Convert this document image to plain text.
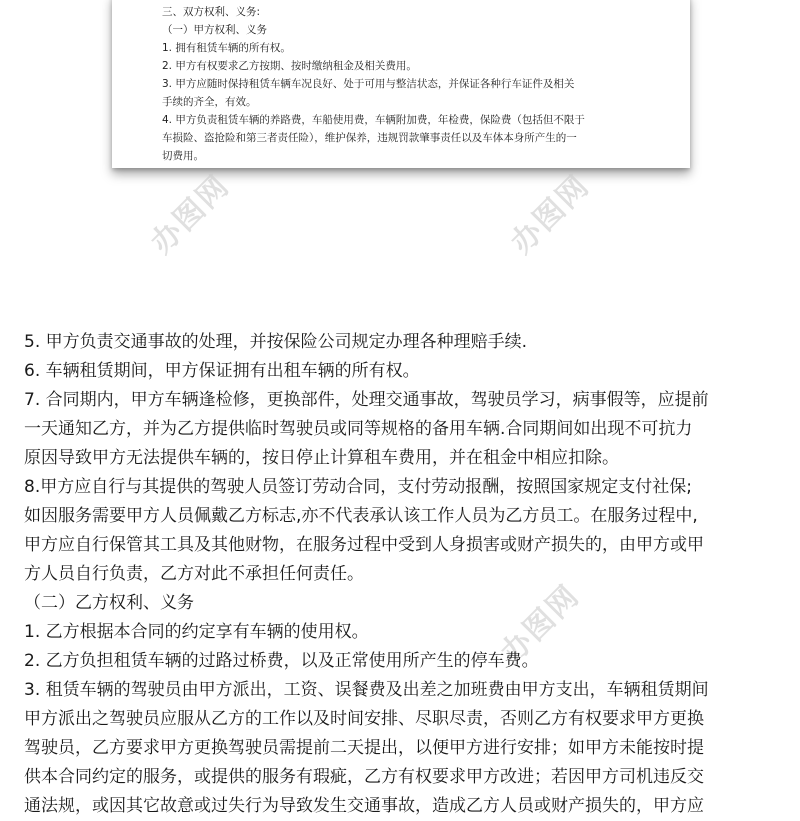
三、双方权利、义务:
（一）甲方权利、义务
1. 拥有租赁车辆的所有权。
2. 甲方有权要求乙方按期、按时缴纳租金及相关费用。
3. 甲方应随时保持租赁车辆车况良好、处于可用与整洁状态，并保证各种行车证件及相关
手续的齐全，有效。
4. 甲方负责租赁车辆的养路费，车船使用费，车辆附加费，年检费，保险费（包括但不限于
车损险、盗抢险和第三者责任险），维护保养，违规罚款肇事责任以及车体本身所产生的一
切费用。
办图网	办图网
办图网
5. 甲方负责交通事故的处理，并按保险公司规定办理各种理赔手续.
6. 车辆租赁期间，甲方保证拥有出租车辆的所有权。
7. 合同期内，甲方车辆逢检修，更换部件，处理交通事故，驾驶员学习，病事假等，应提前
一天通知乙方，并为乙方提供临时驾驶员或同等规格的备用车辆.合同期间如出现不可抗力
原因导致甲方无法提供车辆的，按日停止计算租车费用，并在租金中相应扣除。
8.甲方应自行与其提供的驾驶人员签订劳动合同，支付劳动报酬，按照国家规定支付社保;
如因服务需要甲方人员佩戴乙方标志,亦不代表承认该工作人员为乙方员工。在服务过程中,
甲方应自行保管其工具及其他财物，在服务过程中受到人身损害或财产损失的，由甲方或甲
方人员自行负责，乙方对此不承担任何责任。
（二）乙方权利、义务
1. 乙方根据本合同的约定享有车辆的使用权。
2. 乙方负担租赁车辆的过路过桥费，以及正常使用所产生的停车费。
3. 租赁车辆的驾驶员由甲方派出，工资、误餐费及出差之加班费由甲方支出，车辆租赁期间
甲方派出之驾驶员应服从乙方的工作以及时间安排、尽职尽责，否则乙方有权要求甲方更换
驾驶员，乙方要求甲方更换驾驶员需提前二天提出，以便甲方进行安排；如甲方未能按时提
供本合同约定的服务，或提供的服务有瑕疵，乙方有权要求甲方改进；若因甲方司机违反交
通法规，或因其它故意或过失行为导致发生交通事故，造成乙方人员或财产损失的，甲方应
